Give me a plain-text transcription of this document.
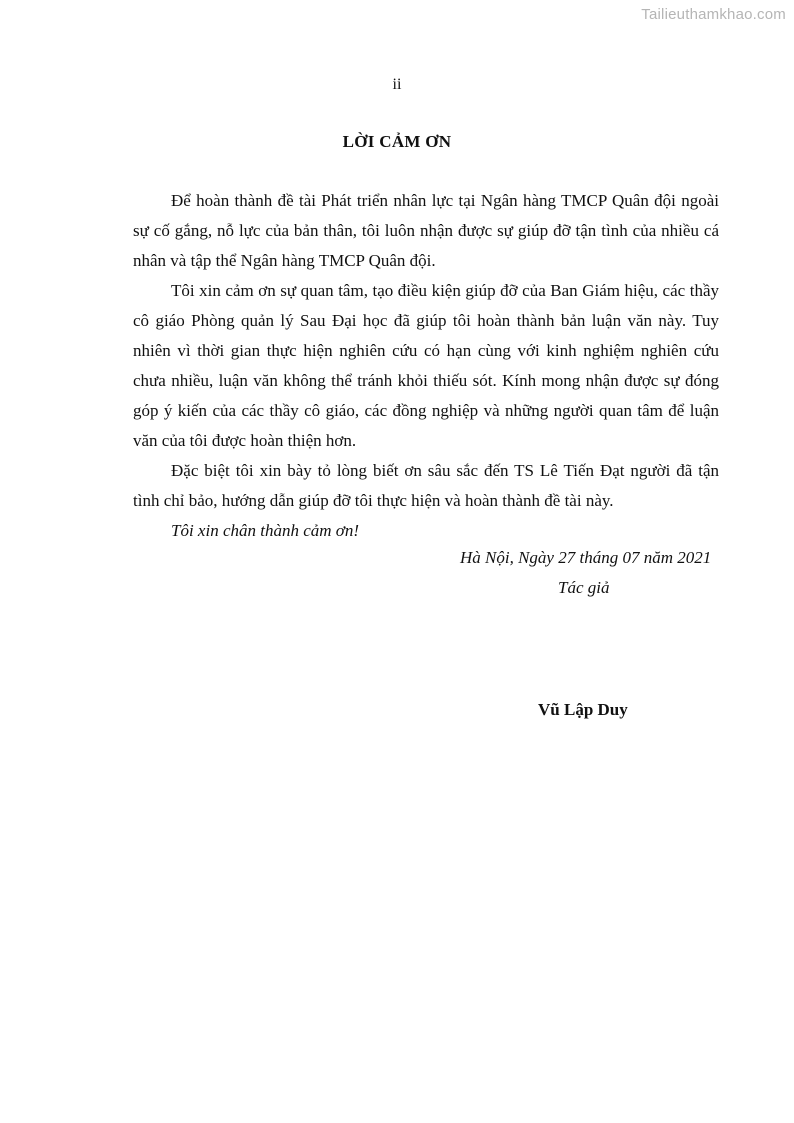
Tailieuthamkhao.com
ii
LỜI CẢM ƠN

Để hoàn thành đề tài Phát triển nhân lực tại Ngân hàng TMCP Quân đội ngoài sự cố gắng, nỗ lực của bản thân, tôi luôn nhận được sự giúp đỡ tận tình của nhiều cá nhân và tập thể Ngân hàng TMCP Quân đội.

Tôi xin cảm ơn sự quan tâm, tạo điều kiện giúp đỡ của Ban Giám hiệu, các thầy cô giáo Phòng quản lý Sau Đại học đã giúp tôi hoàn thành bản luận văn này. Tuy nhiên vì thời gian thực hiện nghiên cứu có hạn cùng với kinh nghiệm nghiên cứu chưa nhiều, luận văn không thể tránh khỏi thiếu sót. Kính mong nhận được sự đóng góp ý kiến của các thầy cô giáo, các đồng nghiệp và những người quan tâm để luận văn của tôi được hoàn thiện hơn.

Đặc biệt tôi xin bày tỏ lòng biết ơn sâu sắc đến TS Lê Tiến Đạt người đã tận tình chỉ bảo, hướng dẫn giúp đỡ tôi thực hiện và hoàn thành đề tài này.

Tôi xin chân thành cảm ơn!

Hà Nội, Ngày 27 tháng 07 năm 2021
Tác giả
Vũ Lập Duy
